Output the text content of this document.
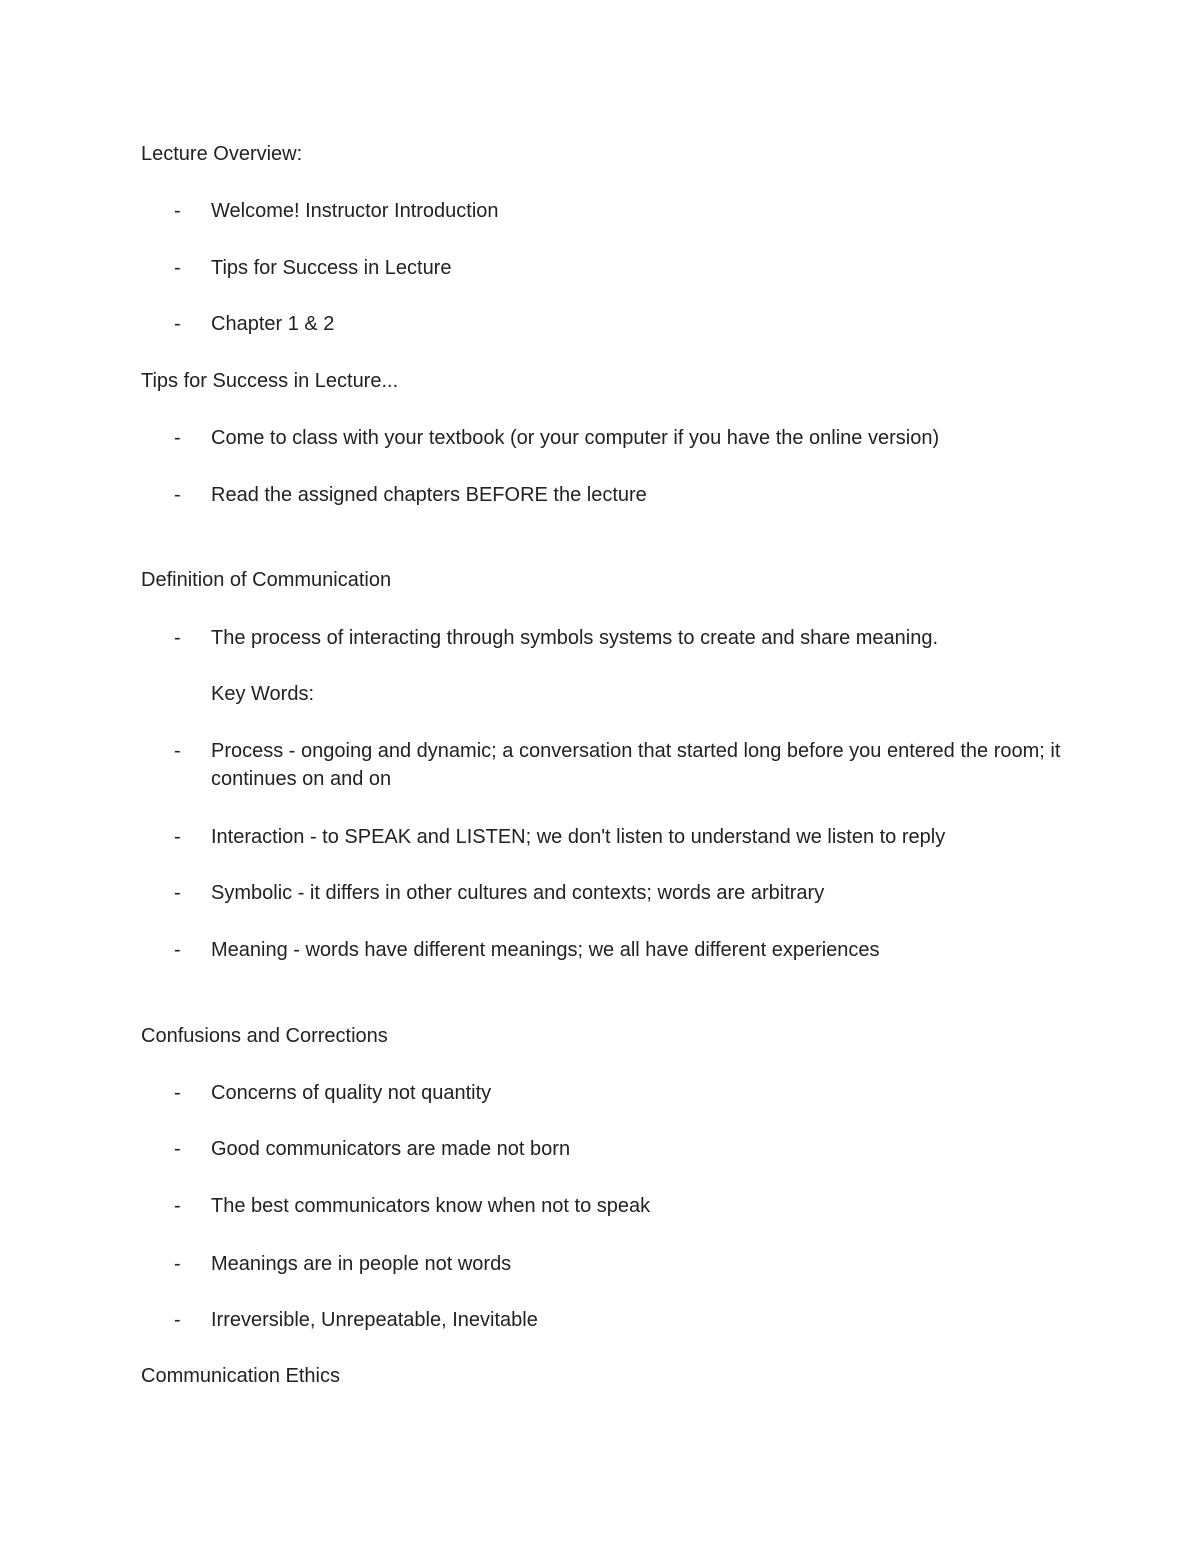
Lecture Overview:
- Welcome! Instructor Introduction
- Tips for Success in Lecture
- Chapter 1 & 2
Tips for Success in Lecture...
- Come to class with your textbook (or your computer if you have the online version)
- Read the assigned chapters BEFORE the lecture
Definition of Communication
- The process of interacting through symbols systems to create and share meaning.
Key Words:
- Process - ongoing and dynamic; a conversation that started long before you entered the room; it continues on and on
- Interaction - to SPEAK and LISTEN; we don't listen to understand we listen to reply
- Symbolic - it differs in other cultures and contexts; words are arbitrary
- Meaning - words have different meanings; we all have different experiences
Confusions and Corrections
- Concerns of quality not quantity
- Good communicators are made not born
- The best communicators know when not to speak
- Meanings are in people not words
- Irreversible, Unrepeatable, Inevitable
Communication Ethics
